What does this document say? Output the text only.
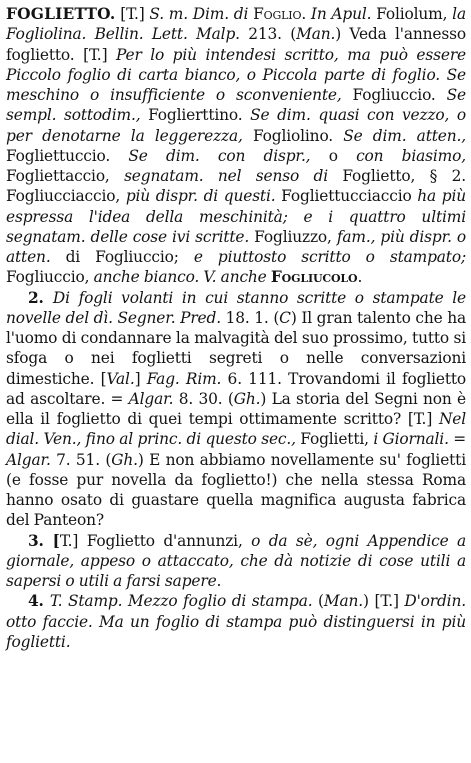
FOGLIETTO. [T.] S. m. Dim. di Foglio. In Apul. Foliolum, la Fogliolina. Bellin. Lett. Malp. 213. (Man.) Veda l'annesso foglietto. [T.] Per lo più intendesi scritto, ma può essere Piccolo foglio di carta bianco, o Piccola parte di foglio. Se meschino o insufficiente o sconveniente, Fogliuccio. Se sempl. sottodim., Foglierttino. Se dim. quasi con vezzo, o per denotarne la leggerezza, Fogliolino. Se dim. atten., Fogliettuccio. Se dim. con dispr., o con biasimo, Fogliettaccio, segnatam. nel senso di Foglietto, § 2. Fogliucciaccio, più dispr. di questi. Fogliettucciaccio ha più espressa l'idea della meschinità; e i quattro ultimi segnatam. delle cose ivi scritte. Fogliuzzo, fam., più dispr. o atten. di Fogliuccio; e piuttosto scritto o stampato; Fogliuccio, anche bianco. V. anche Fogliucolo.

2. Di fogli volanti in cui stanno scritte o stampate le novelle del dì. Segner. Pred. 18. 1. (C) Il gran talento che ha l'uomo di condannare la malvagità del suo prossimo, tutto si sfoga o nei foglietti segreti o nelle conversazioni dimestiche. [Val.] Fag. Rim. 6. 111. Trovandomi il foglietto ad ascoltare. = Algar. 8. 30. (Gh.) La storia del Segni non è ella il foglietto di quei tempi ottimamente scritto? [T.] Nel dial. Ven., fino al princ. di questo sec., Foglietti, i Giornali. = Algar. 7. 51. (Gh.) E non abbiamo novellamente su' foglietti (e fosse pur novella da foglietto!) che nella stessa Roma hanno osato di guastare quella magnifica augusta fabrica del Panteon?

3. [T.] Foglietto d'annunzi, o da sè, ogni Appendice a giornale, appeso o attaccato, che dà notizie di cose utili a sapersi o utili a farsi sapere.

4. T. Stamp. Mezzo foglio di stampa. (Man.) [T.] D'ordin. otto faccie. Ma un foglio di stampa può distinguersi in più foglietti.
